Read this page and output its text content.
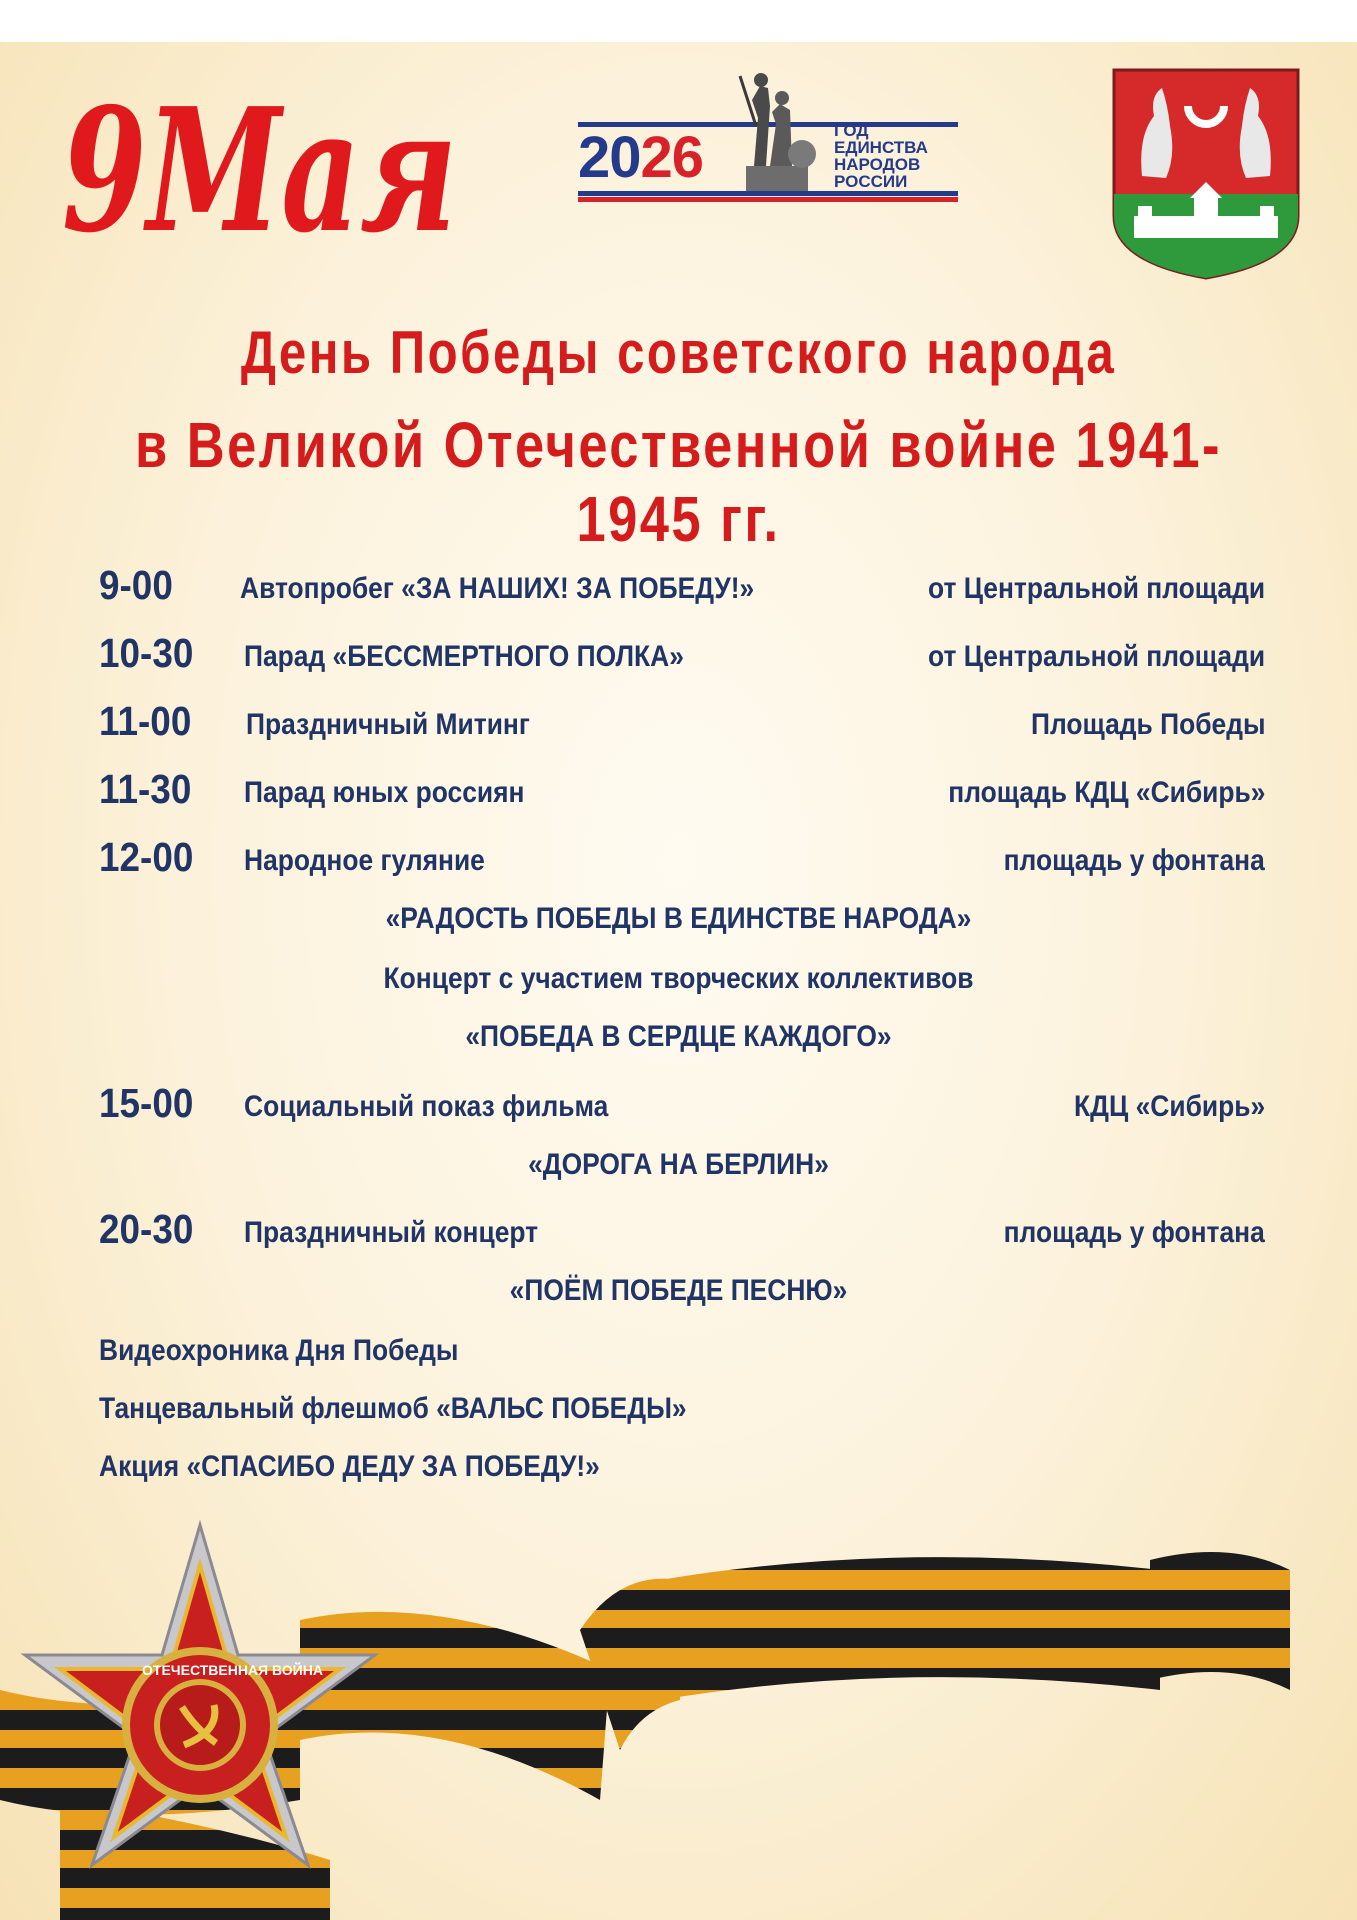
9Мая 2026	ГОД
ЕДИНСТВА
НАРОДОВ
РОССИИ
День Победы советского народа
в Великой Отечественной войне 1941-1945 гг.
9-00 Автопробег «ЗА НАШИХ! ЗА ПОБЕДУ!»	от Центральной площади
10-30 Парад «БЕССМЕРТНОГО ПОЛКА»	от Центральной площади
11-00 Праздничный Митинг	Площадь Победы
11-30 Парад юных россиян	площадь КДЦ «Сибирь»
12-00 Народное гуляние	площадь у фонтана
«РАДОСТЬ ПОБЕДЫ В ЕДИНСТВЕ НАРОДА»
Концерт с участием творческих коллективов
«ПОБЕДА В СЕРДЦЕ КАЖДОГО»
15-00 Социальный показ фильма	КДЦ «Сибирь»
«ДОРОГА НА БЕРЛИН»
20-30 Праздничный концерт	площадь у фонтана
«ПОЁМ ПОБЕДЕ ПЕСНЮ»
Видеохроника Дня Победы
Танцевальный флешмоб «ВАЛЬС ПОБЕДЫ»
Акция «СПАСИБО ДЕДУ ЗА ПОБЕДУ!»
ОТЕЧЕСТВЕННАЯ ВОЙНА
